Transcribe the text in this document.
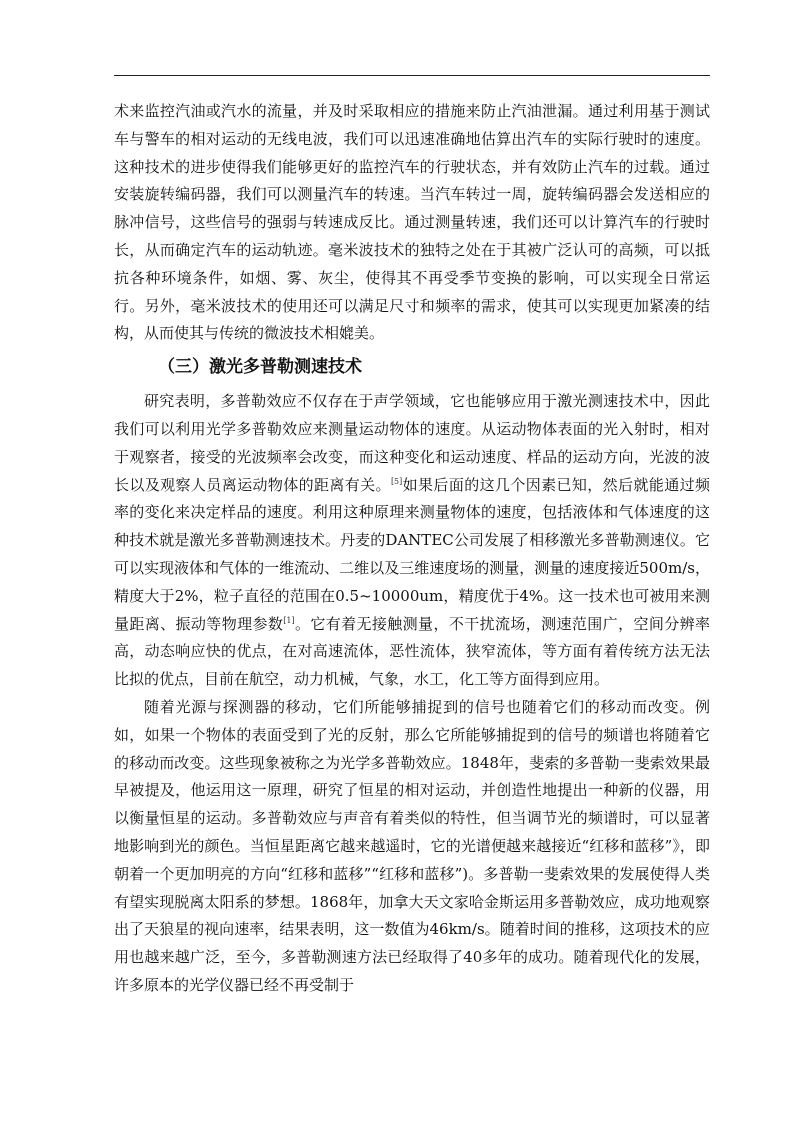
术来监控汽油或汽水的流量，并及时采取相应的措施来防止汽油泄漏。通过利用基于测试车与警车的相对运动的无线电波，我们可以迅速准确地估算出汽车的实际行驶时的速度。这种技术的进步使得我们能够更好的监控汽车的行驶状态，并有效防止汽车的过载。通过安装旋转编码器，我们可以测量汽车的转速。当汽车转过一周，旋转编码器会发送相应的脉冲信号，这些信号的强弱与转速成反比。通过测量转速，我们还可以计算汽车的行驶时长，从而确定汽车的运动轨迹。毫米波技术的独特之处在于其被广泛认可的高频，可以抵抗各种环境条件，如烟、雾、灰尘，使得其不再受季节变换的影响，可以实现全日常运行。另外，毫米波技术的使用还可以满足尺寸和频率的需求，使其可以实现更加紧凑的结构，从而使其与传统的微波技术相媲美。

（三）激光多普勒测速技术

研究表明，多普勒效应不仅存在于声学领域，它也能够应用于激光测速技术中，因此我们可以利用光学多普勒效应来测量运动物体的速度。从运动物体表面的光入射时，相对于观察者，接受的光波频率会改变，而这种变化和运动速度、样品的运动方向，光波的波长以及观察人员离运动物体的距离有关。[5]如果后面的这几个因素已知，然后就能通过频率的变化来决定样品的速度。利用这种原理来测量物体的速度，包括液体和气体速度的这种技术就是激光多普勒测速技术。丹麦的DANTEC公司发展了相移激光多普勒测速仪。它可以实现液体和气体的一维流动、二维以及三维速度场的测量，测量的速度接近500m/s，精度大于2%，粒子直径的范围在0.5~10000um，精度优于4%。这一技术也可被用来测量距离、振动等物理参数[1]。它有着无接触测量，不干扰流场，测速范围广，空间分辨率高，动态响应快的优点，在对高速流体，恶性流体，狭窄流体，等方面有着传统方法无法比拟的优点，目前在航空，动力机械，气象，水工，化工等方面得到应用。

随着光源与探测器的移动，它们所能够捕捉到的信号也随着它们的移动而改变。例如，如果一个物体的表面受到了光的反射，那么它所能够捕捉到的信号的频谱也将随着它的移动而改变。这些现象被称之为光学多普勒效应。1848年，斐索的多普勒一斐索效果最早被提及，他运用这一原理，研究了恒星的相对运动，并创造性地提出一种新的仪器，用以衡量恒星的运动。多普勒效应与声音有着类似的特性，但当调节光的频谱时，可以显著地影响到光的颜色。当恒星距离它越来越遥时，它的光谱便越来越接近“红移和蓝移”》，即朝着一个更加明亮的方向“红移和蓝移”“红移和蓝移”)。多普勒一斐索效果的发展使得人类有望实现脱离太阳系的梦想。1868年，加拿大天文家哈金斯运用多普勒效应，成功地观察出了天狼星的视向速率，结果表明，这一数值为46km/s。随着时间的推移，这项技术的应用也越来越广泛，至今，多普勒测速方法已经取得了40多年的成功。随着现代化的发展，许多原本的光学仪器已经不再受制于
